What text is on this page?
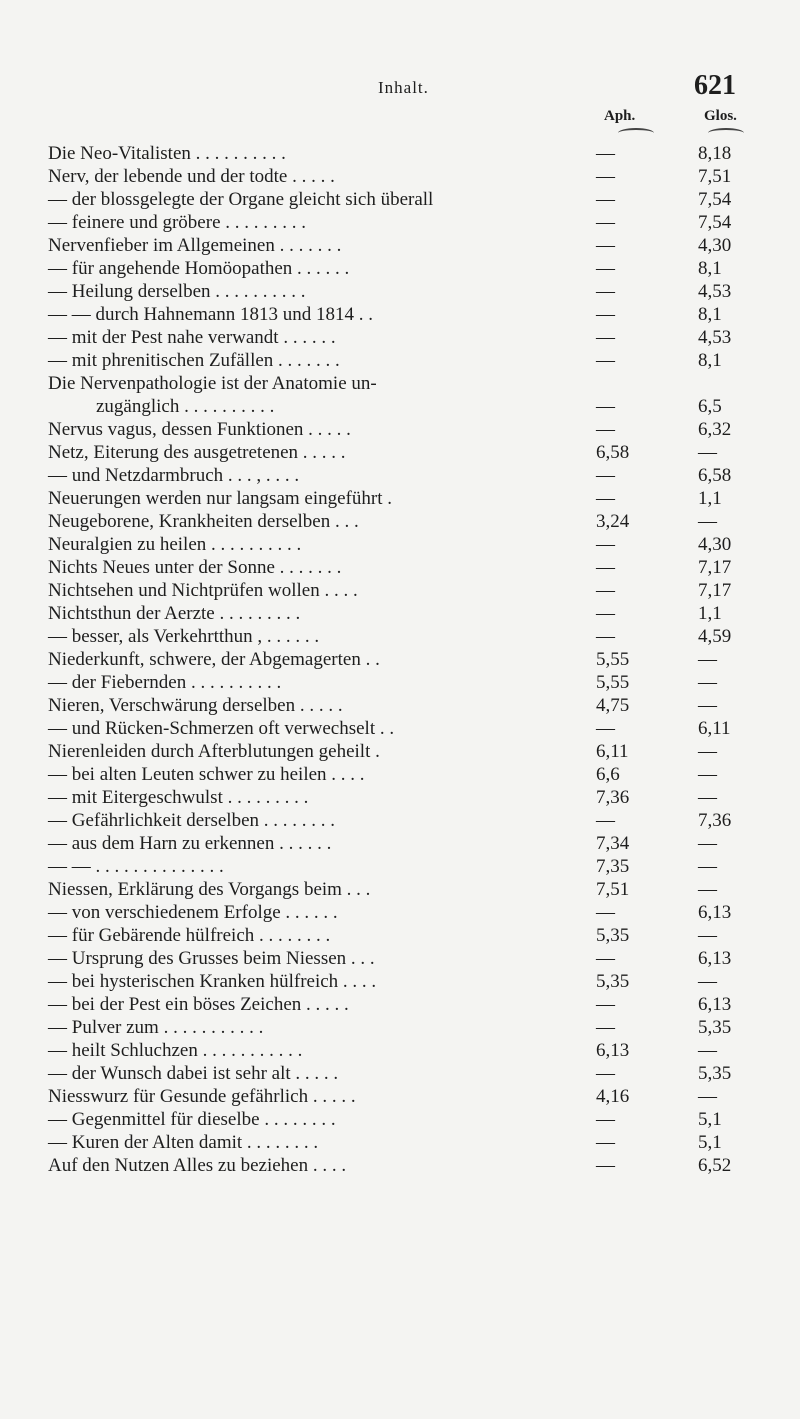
Inhalt.	621
Aph.	Glos.
Die Neo-Vitalisten . . . . . . . . . .	—	8,18
Nerv, der lebende und der todte . . . . .	—	7,51
— der blossgelegte der Organe gleicht sich überall	—	7,54
— feinere und gröbere . . . . . . . . .	—	7,54
Nervenfieber im Allgemeinen . . . . . . .	—	4,30
— für angehende Homöopathen . . . . . .	—	8,1
— Heilung derselben . . . . . . . . . .	—	4,53
— — durch Hahnemann 1813 und 1814 . .	—	8,1
— mit der Pest nahe verwandt . . . . . .	—	4,53
— mit phrenitischen Zufällen . . . . . . .	—	8,1
Die Nervenpathologie ist der Anatomie un-
zugänglich . . . . . . . . . .	—	6,5
Nervus vagus, dessen Funktionen . . . . .	—	6,32
Netz, Eiterung des ausgetretenen . . . . .	6,58	—
— und Netzdarmbruch . . . , . . . .	—	6,58
Neuerungen werden nur langsam eingeführt .	—	1,1
Neugeborene, Krankheiten derselben . . .	3,24	—
Neuralgien zu heilen . . . . . . . . . .	—	4,30
Nichts Neues unter der Sonne . . . . . . .	—	7,17
Nichtsehen und Nichtprüfen wollen . . . .	—	7,17
Nichtsthun der Aerzte . . . . . . . . .	—	1,1
— besser, als Verkehrtthun , . . . . . .	—	4,59
Niederkunft, schwere, der Abgemagerten . .	5,55	—
— der Fiebernden . . . . . . . . . .	5,55	—
Nieren, Verschwärung derselben . . . . .	4,75	—
— und Rücken-Schmerzen oft verwechselt . .	—	6,11
Nierenleiden durch Afterblutungen geheilt .	6,11	—
— bei alten Leuten schwer zu heilen . . . .	6,6	—
— mit Eitergeschwulst . . . . . . . . .	7,36	—
— Gefährlichkeit derselben . . . . . . . .	—	7,36
— aus dem Harn zu erkennen . . . . . .	7,34	—
— — . . . . . . . . . . . . . .	7,35	—
Niessen, Erklärung des Vorgangs beim . . .	7,51	—
— von verschiedenem Erfolge . . . . . .	—	6,13
— für Gebärende hülfreich . . . . . . . .	5,35	—
— Ursprung des Grusses beim Niessen . . .	—	6,13
— bei hysterischen Kranken hülfreich . . . .	5,35	—
— bei der Pest ein böses Zeichen . . . . .	—	6,13
— Pulver zum . . . . . . . . . . .	—	5,35
— heilt Schluchzen . . . . . . . . . . .	6,13	—
— der Wunsch dabei ist sehr alt . . . . .	—	5,35
Niesswurz für Gesunde gefährlich . . . . .	4,16	—
— Gegenmittel für dieselbe . . . . . . . .	—	5,1
— Kuren der Alten damit . . . . . . . .	—	5,1
Auf den Nutzen Alles zu beziehen . . . .	—	6,52
